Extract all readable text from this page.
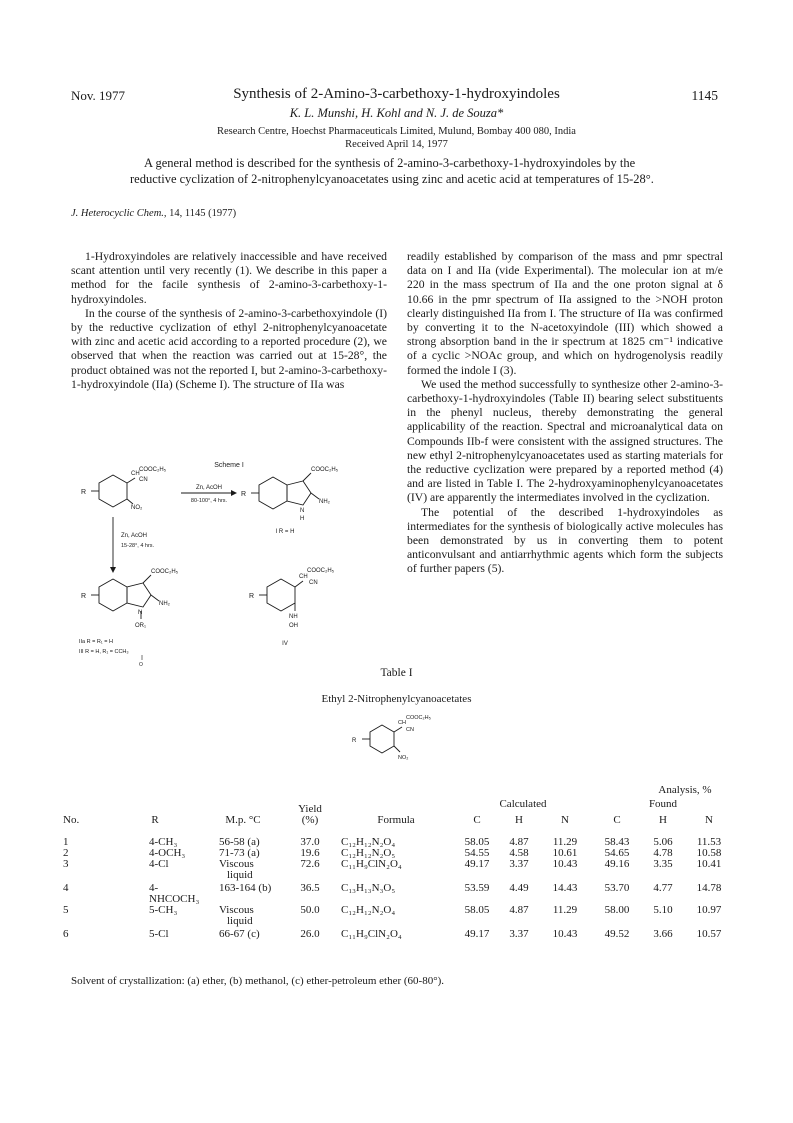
Nov. 1977	Synthesis of 2-Amino-3-carbethoxy-1-hydroxyindoles	1145
K. L. Munshi, H. Kohl and N. J. de Souza*
Research Centre, Hoechst Pharmaceuticals Limited, Mulund, Bombay 400 080, India
Received April 14, 1977
A general method is described for the synthesis of 2-amino-3-carbethoxy-1-hydroxyindoles by the reductive cyclization of 2-nitrophenylcyanoacetates using zinc and acetic acid at temperatures of 15-28°.
J. Heterocyclic Chem., 14, 1145 (1977)

1-Hydroxyindoles are relatively inaccessible and have received scant attention until very recently (1). We describe in this paper a method for the facile synthesis of 2-amino-3-carbethoxy-1-hydroxyindoles.

In the course of the synthesis of 2-amino-3-carbethoxyindole (I) by the reductive cyclization of ethyl 2-nitrophenylcyanoacetate with zinc and acetic acid according to a reported procedure (2), we observed that when the reaction was carried out at 15-28°, the product obtained was not the reported I, but 2-amino-3-carbethoxy-1-hydroxyindole (IIa) (Scheme I). The structure of IIa was

readily established by comparison of the mass and pmr spectral data on I and IIa (vide Experimental). The molecular ion at m/e 220 in the mass spectrum of IIa and the one proton signal at δ 10.66 in the pmr spectrum of IIa assigned to the >NOH proton clearly distinguished IIa from I. The structure of IIa was confirmed by converting it to the N-acetoxyindole (III) which showed a strong absorption band in the ir spectrum at 1825 cm⁻¹ indicative of a cyclic >NOAc group, and which on hydrogenolysis readily formed the indole I (3).

We used the method successfully to synthesize other 2-amino-3-carbethoxy-1-hydroxyindoles (Table II) bearing select substituents in the phenyl nucleus, thereby demonstrating the general applicability of the reaction. Spectral and microanalytical data on Compounds IIb-f were consistent with the assigned structures. The new ethyl 2-nitrophenylcyanoacetates used as starting materials for the reductive cyclization were prepared by a reported method (4) and are listed in Table I. The 2-hydroxyaminophenylcyanoacetates (IV) are apparently the intermediates involved in the cyclization.

The potential of the described 1-hydroxyindoles as intermediates for the synthesis of biologically active molecules has been demonstrated by us in converting them to potent anticonvulsant and antiarrhythmic agents which form the subjects of further papers (5).

Scheme I
R
CH
COOC₂H₅
CN
NO₂
Zn, AcOH
80-100°, 4 hrs.
R
COOC₂H₅
NH₂
N
H
I R = H
Zn, AcOH
15-28°, 4 hrs.
R
COOC₂H₅
NH₂
N
OR₁
IIa R = R₁ = H
III R = H, R₁ = CCH₃
O
R
CH
COOC₂H₅
CN
NH
OH
IV
Table I
Ethyl 2-Nitrophenylcyanoacetates
R
CH
COOC₂H₅
CN
NO₂
					Analysis, %					
			Yield		Calculated			Found		
No.	R	M.p. °C	(%)	Formula	C	H	N	C	H	N
1	4-CH₃	56-58 (a)	37.0	C₁₂H₁₂N₂O₄	58.05	4.87	11.29	58.43	5.06	11.53
2	4-OCH₃	71-73 (a)	19.6	C₁₂H₁₂N₂O₅	54.55	4.58	10.61	54.65	4.78	10.58
3	4-Cl	Viscous
liquid	72.6	C₁₁H₉ClN₂O₄	49.17	3.37	10.43	49.16	3.35	10.41
4	4-NHCOCH₃	163-164 (b)	36.5	C₁₃H₁₃N₃O₅	53.59	4.49	14.43	53.70	4.77	14.78
5	5-CH₃	Viscous
liquid	50.0	C₁₂H₁₂N₂O₄	58.05	4.87	11.29	58.00	5.10	10.97
6	5-Cl	66-67 (c)	26.0	C₁₁H₉ClN₂O₄	49.17	3.37	10.43	49.52	3.66	10.57
Solvent of crystallization: (a) ether, (b) methanol, (c) ether-petroleum ether (60-80°).
